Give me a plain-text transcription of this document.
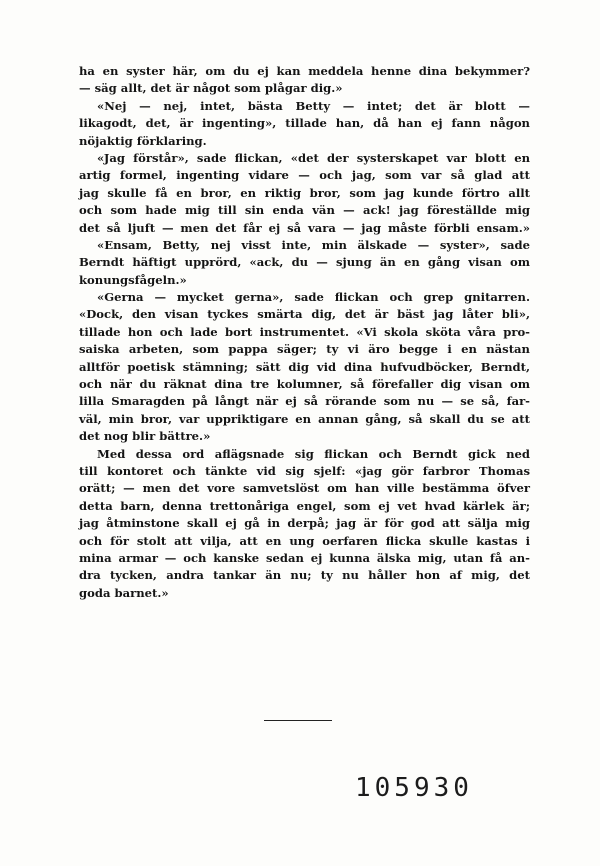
ha en syster här, om du ej kan meddela henne dina bekymmer?
— säg allt, det är något som plågar dig.»
«Nej — nej, intet, bästa Betty — intet; det är blott —
likagodt, det, är ingenting», tillade han, då han ej fann någon
nöjaktig förklaring.
«Jag förstår», sade flickan, «det der systerskapet var blott en
artig formel, ingenting vidare — och jag, som var så glad att
jag skulle få en bror, en riktig bror, som jag kunde förtro allt
och som hade mig till sin enda vän — ack! jag föreställde mig
det så ljuft — men det får ej så vara — jag måste förbli ensam.»
«Ensam, Betty, nej visst inte, min älskade — syster», sade
Berndt häftigt upprörd, «ack, du — sjung än en gång visan om
konungsfågeln.»
«Gerna — mycket gerna», sade flickan och grep gnitarren.
«Dock, den visan tyckes smärta dig, det är bäst jag låter bli»,
tillade hon och lade bort instrumentet. «Vi skola sköta våra pro-
saiska arbeten, som pappa säger; ty vi äro begge i en nästan
alltför poetisk stämning; sätt dig vid dina hufvudböcker, Berndt,
och när du räknat dina tre kolumner, så förefaller dig visan om
lilla Smaragden på långt när ej så rörande som nu — se så, far-
väl, min bror, var uppriktigare en annan gång, så skall du se att
det nog blir bättre.»
Med dessa ord aflägsnade sig flickan och Berndt gick ned
till kontoret och tänkte vid sig sjelf: «jag gör farbror Thomas
orätt; — men det vore samvetslöst om han ville bestämma öfver
detta barn, denna trettonåriga engel, som ej vet hvad kärlek är;
jag åtminstone skall ej gå in derpå; jag är för god att sälja mig
och för stolt att vilja, att en ung oerfaren flicka skulle kastas i
mina armar — och kanske sedan ej kunna älska mig, utan få an-
dra tycken, andra tankar än nu; ty nu håller hon af mig, det
goda barnet.»
105930
